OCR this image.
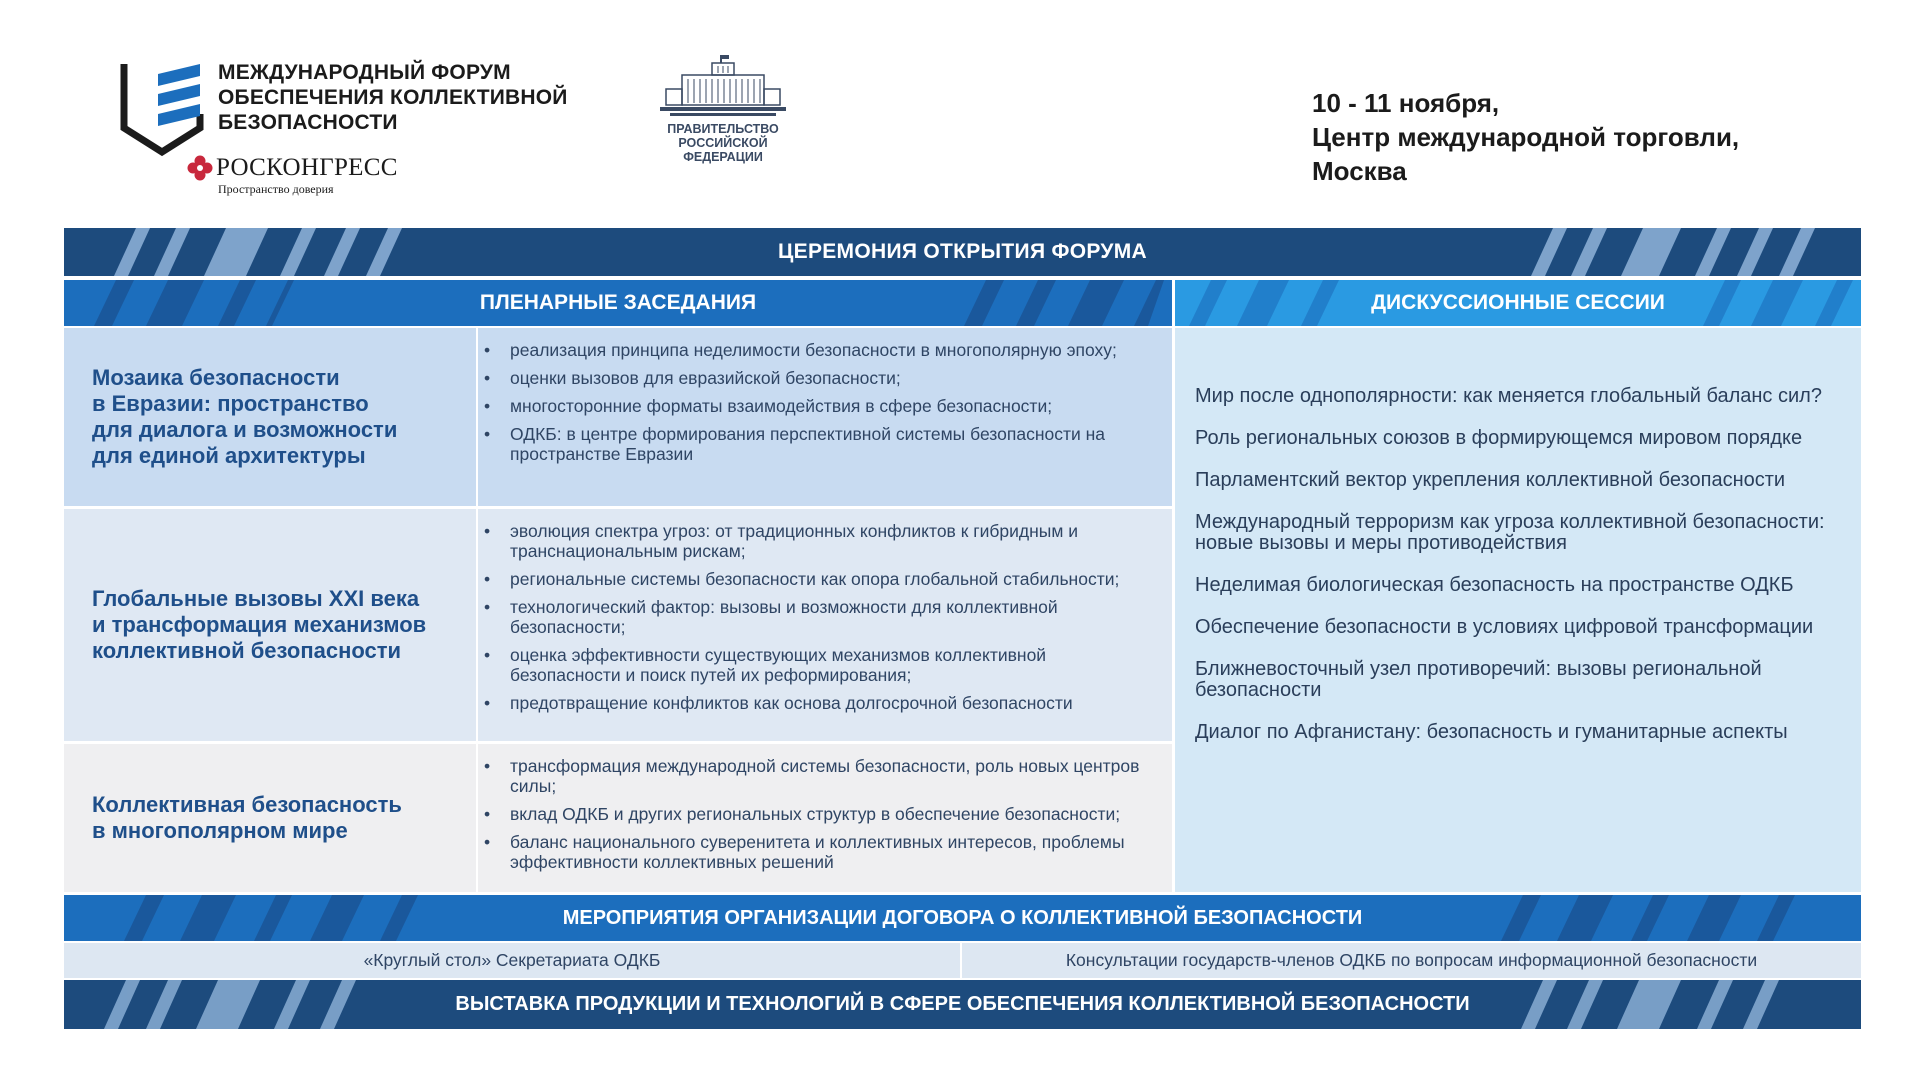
МЕЖДУНАРОДНЫЙ ФОРУМ
ОБЕСПЕЧЕНИЯ КОЛЛЕКТИВНОЙ
БЕЗОПАСНОСТИ
РОСКОНГРЕСС
Пространство доверия
ПРАВИТЕЛЬСТВО
РОССИЙСКОЙ
ФЕДЕРАЦИИ
10 - 11 ноября,
Центр международной торговли,
Москва
ЦЕРЕМОНИЯ ОТКРЫТИЯ ФОРУМА
ПЛЕНАРНЫЕ ЗАСЕДАНИЯ	ДИСКУССИОННЫЕ СЕССИИ
Мозаика безопасности
в Евразии: пространство
для диалога и возможности
для единой архитектуры
• реализация принципа неделимости безопасности в многополярную эпоху;
• оценки вызовов для евразийской безопасности;
• многосторонние форматы взаимодействия в сфере безопасности;
• ОДКБ: в центре формирования перспективной системы безопасности на пространстве Евразии
Глобальные вызовы XXI века
и трансформация механизмов
коллективной безопасности
• эволюция спектра угроз: от традиционных конфликтов к гибридным и транснациональным рискам;
• региональные системы безопасности как опора глобальной стабильности;
• технологический фактор: вызовы и возможности для коллективной безопасности;
• оценка эффективности существующих механизмов коллективной безопасности и поиск путей их реформирования;
• предотвращение конфликтов как основа долгосрочной безопасности
Коллективная безопасность
в многополярном мире
• трансформация международной системы безопасности, роль новых центров силы;
• вклад ОДКБ и других региональных структур в обеспечение безопасности;
• баланс национального суверенитета и коллективных интересов, проблемы эффективности коллективных решений
Мир после однополярности: как меняется глобальный баланс сил?
Роль региональных союзов в формирующемся мировом порядке
Парламентский вектор укрепления коллективной безопасности
Международный терроризм как угроза коллективной безопасности: новые вызовы и меры противодействия
Неделимая биологическая безопасность на пространстве ОДКБ
Обеспечение безопасности в условиях цифровой трансформации
Ближневосточный узел противоречий: вызовы региональной безопасности
Диалог по Афганистану: безопасность и гуманитарные аспекты
МЕРОПРИЯТИЯ ОРГАНИЗАЦИИ ДОГОВОРА О КОЛЛЕКТИВНОЙ БЕЗОПАСНОСТИ
«Круглый стол» Секретариата ОДКБ	Консультации государств-членов ОДКБ по вопросам информационной безопасности
ВЫСТАВКА ПРОДУКЦИИ И ТЕХНОЛОГИЙ В СФЕРЕ ОБЕСПЕЧЕНИЯ КОЛЛЕКТИВНОЙ БЕЗОПАСНОСТИ
